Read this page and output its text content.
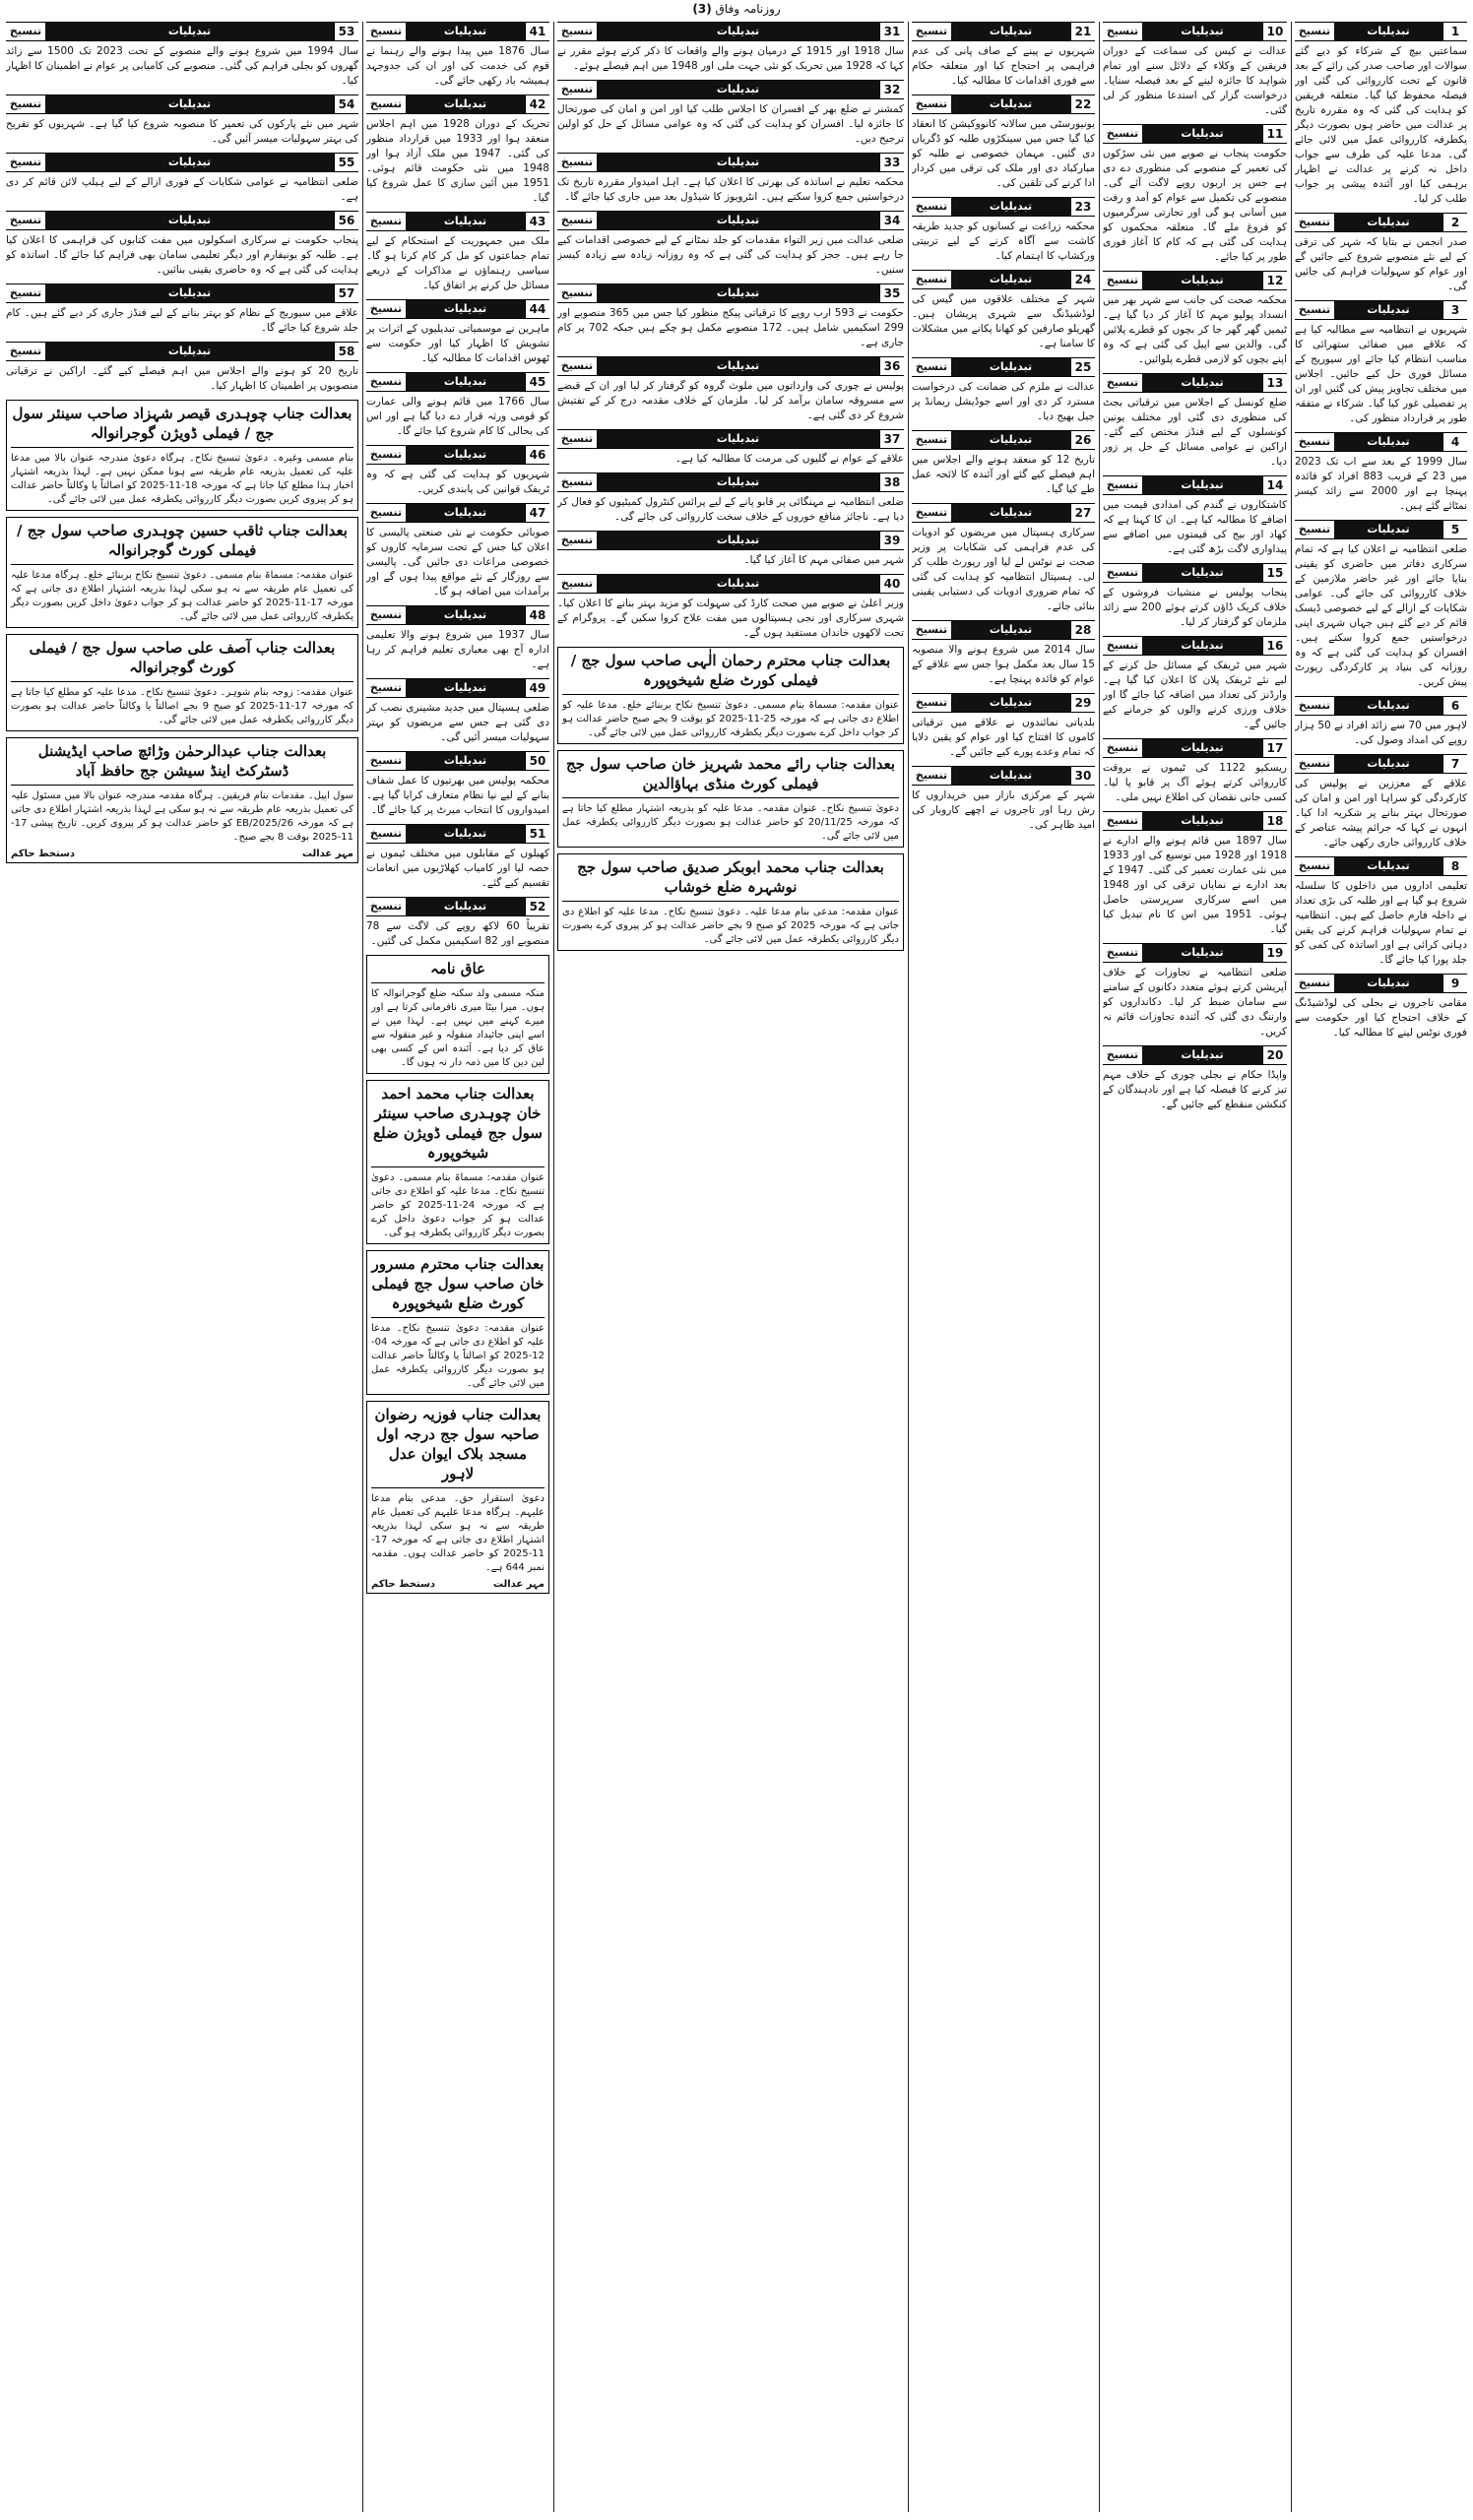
روزنامہ وفاق (3)
1
تبدیلیات
تنسیخ
سماعتیں بیچ کے شرکاء کو دیے گئے سوالات اور صاحب صدر کی رائے کے بعد قانون کے تحت کارروائی کی گئی اور فیصلہ محفوظ کیا گیا۔ متعلقہ فریقین کو ہدایت کی گئی کہ وہ مقررہ تاریخ پر عدالت میں حاضر ہوں بصورت دیگر یکطرفہ کارروائی عمل میں لائی جائے گی۔ مدعا علیہ کی طرف سے جواب داخل نہ کرنے پر عدالت نے اظہار برہمی کیا اور آئندہ پیشی پر جواب طلب کر لیا۔
2
تبدیلیات
تنسیخ
صدر انجمن نے بتایا کہ شہر کی ترقی کے لیے نئے منصوبے شروع کیے جائیں گے اور عوام کو سہولیات فراہم کی جائیں گی۔
3
تبدیلیات
تنسیخ
شہریوں نے انتظامیہ سے مطالبہ کیا ہے کہ علاقے میں صفائی ستھرائی کا مناسب انتظام کیا جائے اور سیوریج کے مسائل فوری حل کیے جائیں۔ اجلاس میں مختلف تجاویز پیش کی گئیں اور ان پر تفصیلی غور کیا گیا۔ شرکاء نے متفقہ طور پر قرارداد منظور کی۔
4
تبدیلیات
تنسیخ
سال 1999 کے بعد سے اب تک 2023 میں 23 کے قریب 883 افراد کو فائدہ پہنچا ہے اور 2000 سے زائد کیسز نمٹائے گئے ہیں۔
5
تبدیلیات
تنسیخ
ضلعی انتظامیہ نے اعلان کیا ہے کہ تمام سرکاری دفاتر میں حاضری کو یقینی بنایا جائے اور غیر حاضر ملازمین کے خلاف کارروائی کی جائے گی۔ عوامی شکایات کے ازالے کے لیے خصوصی ڈیسک قائم کر دیے گئے ہیں جہاں شہری اپنی درخواستیں جمع کروا سکتے ہیں۔ افسران کو ہدایت کی گئی ہے کہ وہ روزانہ کی بنیاد پر کارکردگی رپورٹ پیش کریں۔
6
تبدیلیات
تنسیخ
لاہور میں 70 سے زائد افراد نے 50 ہزار روپے کی امداد وصول کی۔
7
تبدیلیات
تنسیخ
علاقے کے معززین نے پولیس کی کارکردگی کو سراہا اور امن و امان کی صورتحال بہتر بنانے پر شکریہ ادا کیا۔ انہوں نے کہا کہ جرائم پیشہ عناصر کے خلاف کارروائی جاری رکھی جائے۔
8
تبدیلیات
تنسیخ
تعلیمی اداروں میں داخلوں کا سلسلہ شروع ہو گیا ہے اور طلبہ کی بڑی تعداد نے داخلہ فارم حاصل کیے ہیں۔ انتظامیہ نے تمام سہولیات فراہم کرنے کی یقین دہانی کرائی ہے اور اساتذہ کی کمی کو جلد پورا کیا جائے گا۔
9
تبدیلیات
تنسیخ
مقامی تاجروں نے بجلی کی لوڈشیڈنگ کے خلاف احتجاج کیا اور حکومت سے فوری نوٹس لینے کا مطالبہ کیا۔
10
تبدیلیات
تنسیخ
عدالت نے کیس کی سماعت کے دوران فریقین کے وکلاء کے دلائل سنے اور تمام شواہد کا جائزہ لینے کے بعد فیصلہ سنایا۔ درخواست گزار کی استدعا منظور کر لی گئی۔
11
تبدیلیات
تنسیخ
حکومت پنجاب نے صوبے میں نئی سڑکوں کی تعمیر کے منصوبے کی منظوری دے دی ہے جس پر اربوں روپے لاگت آئے گی۔ منصوبے کی تکمیل سے عوام کو آمد و رفت میں آسانی ہو گی اور تجارتی سرگرمیوں کو فروغ ملے گا۔ متعلقہ محکموں کو ہدایت کی گئی ہے کہ کام کا آغاز فوری طور پر کیا جائے۔
12
تبدیلیات
تنسیخ
محکمہ صحت کی جانب سے شہر بھر میں انسداد پولیو مہم کا آغاز کر دیا گیا ہے۔ ٹیمیں گھر گھر جا کر بچوں کو قطرے پلائیں گی۔ والدین سے اپیل کی گئی ہے کہ وہ اپنے بچوں کو لازمی قطرے پلوائیں۔
13
تبدیلیات
تنسیخ
ضلع کونسل کے اجلاس میں ترقیاتی بجٹ کی منظوری دی گئی اور مختلف یونین کونسلوں کے لیے فنڈز مختص کیے گئے۔ اراکین نے عوامی مسائل کے حل پر زور دیا۔
14
تبدیلیات
تنسیخ
کاشتکاروں نے گندم کی امدادی قیمت میں اضافے کا مطالبہ کیا ہے۔ ان کا کہنا ہے کہ کھاد اور بیج کی قیمتوں میں اضافے سے پیداواری لاگت بڑھ گئی ہے۔
15
تبدیلیات
تنسیخ
پنجاب پولیس نے منشیات فروشوں کے خلاف کریک ڈاؤن کرتے ہوئے 200 سے زائد ملزمان کو گرفتار کر لیا۔
16
تبدیلیات
تنسیخ
شہر میں ٹریفک کے مسائل حل کرنے کے لیے نئے ٹریفک پلان کا اعلان کیا گیا ہے۔ وارڈنز کی تعداد میں اضافہ کیا جائے گا اور خلاف ورزی کرنے والوں کو جرمانے کیے جائیں گے۔
17
تبدیلیات
تنسیخ
ریسکیو 1122 کی ٹیموں نے بروقت کارروائی کرتے ہوئے آگ پر قابو پا لیا۔ کسی جانی نقصان کی اطلاع نہیں ملی۔
18
تبدیلیات
تنسیخ
سال 1897 میں قائم ہونے والے ادارے نے 1918 اور 1928 میں توسیع کی اور 1933 میں نئی عمارت تعمیر کی گئی۔ 1947 کے بعد ادارے نے نمایاں ترقی کی اور 1948 میں اسے سرکاری سرپرستی حاصل ہوئی۔ 1951 میں اس کا نام تبدیل کیا گیا۔
19
تبدیلیات
تنسیخ
ضلعی انتظامیہ نے تجاوزات کے خلاف آپریشن کرتے ہوئے متعدد دکانوں کے سامنے سے سامان ضبط کر لیا۔ دکانداروں کو وارننگ دی گئی کہ آئندہ تجاوزات قائم نہ کریں۔
20
تبدیلیات
تنسیخ
واپڈا حکام نے بجلی چوری کے خلاف مہم تیز کرنے کا فیصلہ کیا ہے اور نادہندگان کے کنکشن منقطع کیے جائیں گے۔
21
تبدیلیات
تنسیخ
شہریوں نے پینے کے صاف پانی کی عدم فراہمی پر احتجاج کیا اور متعلقہ حکام سے فوری اقدامات کا مطالبہ کیا۔
22
تبدیلیات
تنسیخ
یونیورسٹی میں سالانہ کانووکیشن کا انعقاد کیا گیا جس میں سینکڑوں طلبہ کو ڈگریاں دی گئیں۔ مہمان خصوصی نے طلبہ کو مبارکباد دی اور ملک کی ترقی میں کردار ادا کرنے کی تلقین کی۔
23
تبدیلیات
تنسیخ
محکمہ زراعت نے کسانوں کو جدید طریقہ کاشت سے آگاہ کرنے کے لیے تربیتی ورکشاپ کا اہتمام کیا۔
24
تبدیلیات
تنسیخ
شہر کے مختلف علاقوں میں گیس کی لوڈشیڈنگ سے شہری پریشان ہیں۔ گھریلو صارفین کو کھانا پکانے میں مشکلات کا سامنا ہے۔
25
تبدیلیات
تنسیخ
عدالت نے ملزم کی ضمانت کی درخواست مسترد کر دی اور اسے جوڈیشل ریمانڈ پر جیل بھیج دیا۔
26
تبدیلیات
تنسیخ
تاریخ 12 کو منعقد ہونے والے اجلاس میں اہم فیصلے کیے گئے اور آئندہ کا لائحہ عمل طے کیا گیا۔
27
تبدیلیات
تنسیخ
سرکاری ہسپتال میں مریضوں کو ادویات کی عدم فراہمی کی شکایات پر وزیر صحت نے نوٹس لے لیا اور رپورٹ طلب کر لی۔ ہسپتال انتظامیہ کو ہدایت کی گئی کہ تمام ضروری ادویات کی دستیابی یقینی بنائی جائے۔
28
تبدیلیات
تنسیخ
سال 2014 میں شروع ہونے والا منصوبہ 15 سال بعد مکمل ہوا جس سے علاقے کے عوام کو فائدہ پہنچا ہے۔
29
تبدیلیات
تنسیخ
بلدیاتی نمائندوں نے علاقے میں ترقیاتی کاموں کا افتتاح کیا اور عوام کو یقین دلایا کہ تمام وعدے پورے کیے جائیں گے۔
30
تبدیلیات
تنسیخ
شہر کے مرکزی بازار میں خریداروں کا رش رہا اور تاجروں نے اچھے کاروبار کی امید ظاہر کی۔
31
تبدیلیات
تنسیخ
سال 1918 اور 1915 کے درمیان ہونے والے واقعات کا ذکر کرتے ہوئے مقرر نے کہا کہ 1928 میں تحریک کو نئی جہت ملی اور 1948 میں اہم فیصلے ہوئے۔
32
تبدیلیات
تنسیخ
کمشنر نے ضلع بھر کے افسران کا اجلاس طلب کیا اور امن و امان کی صورتحال کا جائزہ لیا۔ افسران کو ہدایت کی گئی کہ وہ عوامی مسائل کے حل کو اولین ترجیح دیں۔
33
تبدیلیات
تنسیخ
محکمہ تعلیم نے اساتذہ کی بھرتی کا اعلان کیا ہے۔ اہل امیدوار مقررہ تاریخ تک درخواستیں جمع کروا سکتے ہیں۔ انٹرویوز کا شیڈول بعد میں جاری کیا جائے گا۔
34
تبدیلیات
تنسیخ
ضلعی عدالت میں زیر التواء مقدمات کو جلد نمٹانے کے لیے خصوصی اقدامات کیے جا رہے ہیں۔ ججز کو ہدایت کی گئی ہے کہ وہ روزانہ زیادہ سے زیادہ کیسز سنیں۔
35
تبدیلیات
تنسیخ
حکومت نے 593 ارب روپے کا ترقیاتی پیکج منظور کیا جس میں 365 منصوبے اور 299 اسکیمیں شامل ہیں۔ 172 منصوبے مکمل ہو چکے ہیں جبکہ 702 پر کام جاری ہے۔
36
تبدیلیات
تنسیخ
پولیس نے چوری کی وارداتوں میں ملوث گروہ کو گرفتار کر لیا اور ان کے قبضے سے مسروقہ سامان برآمد کر لیا۔ ملزمان کے خلاف مقدمہ درج کر کے تفتیش شروع کر دی گئی ہے۔
37
تبدیلیات
تنسیخ
علاقے کے عوام نے گلیوں کی مرمت کا مطالبہ کیا ہے۔
38
تبدیلیات
تنسیخ
ضلعی انتظامیہ نے مہنگائی پر قابو پانے کے لیے پرائس کنٹرول کمیٹیوں کو فعال کر دیا ہے۔ ناجائز منافع خوروں کے خلاف سخت کارروائی کی جائے گی۔
39
تبدیلیات
تنسیخ
شہر میں صفائی مہم کا آغاز کیا گیا۔
40
تبدیلیات
تنسیخ
وزیر اعلیٰ نے صوبے میں صحت کارڈ کی سہولت کو مزید بہتر بنانے کا اعلان کیا۔ شہری سرکاری اور نجی ہسپتالوں میں مفت علاج کروا سکیں گے۔ پروگرام کے تحت لاکھوں خاندان مستفید ہوں گے۔
بعدالت جناب محترم رحمان الٰہی صاحب سول جج / فیملی کورٹ ضلع شیخوپورہ
عنوان مقدمہ: مسماۃ بنام مسمی۔ دعویٰ تنسیخ نکاح بربنائے خلع۔ مدعا علیہ کو اطلاع دی جاتی ہے کہ مورخہ 25-11-2025 کو بوقت 9 بجے صبح حاضر عدالت ہو کر جواب داخل کرے بصورت دیگر یکطرفہ کارروائی عمل میں لائی جائے گی۔
بعدالت جناب رائے محمد شہریز خان صاحب سول جج فیملی کورٹ منڈی بہاؤالدین
دعویٰ تنسیخ نکاح۔ عنوان مقدمہ۔ مدعا علیہ کو بذریعہ اشتہار مطلع کیا جاتا ہے کہ مورخہ 20/11/25 کو حاضر عدالت ہو بصورت دیگر کارروائی یکطرفہ عمل میں لائی جائے گی۔
بعدالت جناب محمد ابوبکر صدیق صاحب سول جج نوشہرہ ضلع خوشاب
عنوان مقدمہ: مدعی بنام مدعا علیہ۔ دعویٰ تنسیخ نکاح۔ مدعا علیہ کو اطلاع دی جاتی ہے کہ مورخہ 2025 کو صبح 9 بجے حاضر عدالت ہو کر پیروی کرے بصورت دیگر کارروائی یکطرفہ عمل میں لائی جائے گی۔
41
تبدیلیات
تنسیخ
سال 1876 میں پیدا ہونے والے رہنما نے قوم کی خدمت کی اور ان کی جدوجہد ہمیشہ یاد رکھی جائے گی۔
42
تبدیلیات
تنسیخ
تحریک کے دوران 1928 میں اہم اجلاس منعقد ہوا اور 1933 میں قرارداد منظور کی گئی۔ 1947 میں ملک آزاد ہوا اور 1948 میں نئی حکومت قائم ہوئی۔ 1951 میں آئین سازی کا عمل شروع کیا گیا۔
43
تبدیلیات
تنسیخ
ملک میں جمہوریت کے استحکام کے لیے تمام جماعتوں کو مل کر کام کرنا ہو گا۔ سیاسی رہنماؤں نے مذاکرات کے ذریعے مسائل حل کرنے پر اتفاق کیا۔
44
تبدیلیات
تنسیخ
ماہرین نے موسمیاتی تبدیلیوں کے اثرات پر تشویش کا اظہار کیا اور حکومت سے ٹھوس اقدامات کا مطالبہ کیا۔
45
تبدیلیات
تنسیخ
سال 1766 میں قائم ہونے والی عمارت کو قومی ورثہ قرار دے دیا گیا ہے اور اس کی بحالی کا کام شروع کیا جائے گا۔
46
تبدیلیات
تنسیخ
شہریوں کو ہدایت کی گئی ہے کہ وہ ٹریفک قوانین کی پابندی کریں۔
47
تبدیلیات
تنسیخ
صوبائی حکومت نے نئی صنعتی پالیسی کا اعلان کیا جس کے تحت سرمایہ کاروں کو خصوصی مراعات دی جائیں گی۔ پالیسی سے روزگار کے نئے مواقع پیدا ہوں گے اور برآمدات میں اضافہ ہو گا۔
48
تبدیلیات
تنسیخ
سال 1937 میں شروع ہونے والا تعلیمی ادارہ آج بھی معیاری تعلیم فراہم کر رہا ہے۔
49
تبدیلیات
تنسیخ
ضلعی ہسپتال میں جدید مشینری نصب کر دی گئی ہے جس سے مریضوں کو بہتر سہولیات میسر آئیں گی۔
50
تبدیلیات
تنسیخ
محکمہ پولیس میں بھرتیوں کا عمل شفاف بنانے کے لیے نیا نظام متعارف کرایا گیا ہے۔ امیدواروں کا انتخاب میرٹ پر کیا جائے گا۔
51
تبدیلیات
تنسیخ
کھیلوں کے مقابلوں میں مختلف ٹیموں نے حصہ لیا اور کامیاب کھلاڑیوں میں انعامات تقسیم کیے گئے۔
52
تبدیلیات
تنسیخ
تقریباً 60 لاکھ روپے کی لاگت سے 78 منصوبے اور 82 اسکیمیں مکمل کی گئیں۔
عاق نامہ
منکہ مسمی ولد سکنہ ضلع گوجرانوالہ کا ہوں۔ میرا بیٹا میری نافرمانی کرتا ہے اور میرے کہنے میں نہیں ہے۔ لہذا میں نے اسے اپنی جائیداد منقولہ و غیر منقولہ سے عاق کر دیا ہے۔ آئندہ اس کے کسی بھی لین دین کا میں ذمہ دار نہ ہوں گا۔
بعدالت جناب محمد احمد خان چوہدری صاحب سینئر سول جج فیملی ڈویژن ضلع شیخوپورہ
عنوان مقدمہ: مسماۃ بنام مسمی۔ دعویٰ تنسیخ نکاح۔ مدعا علیہ کو اطلاع دی جاتی ہے کہ مورخہ 24-11-2025 کو حاضر عدالت ہو کر جواب دعویٰ داخل کرے بصورت دیگر کارروائی یکطرفہ ہو گی۔
بعدالت جناب محترم مسرور خان صاحب سول جج فیملی کورٹ ضلع شیخوپورہ
عنوان مقدمہ: دعویٰ تنسیخ نکاح۔ مدعا علیہ کو اطلاع دی جاتی ہے کہ مورخہ 04-12-2025 کو اصالتاً یا وکالتاً حاضر عدالت ہو بصورت دیگر کارروائی یکطرفہ عمل میں لائی جائے گی۔
بعدالت جناب فوزیہ رضوان صاحبہ سول جج درجہ اول مسجد بلاک ایوان عدل لاہور
دعویٰ استقرار حق۔ مدعی بنام مدعا علیہم۔ ہرگاہ مدعا علیہم کی تعمیل عام طریقہ سے نہ ہو سکی لہذا بذریعہ اشتہار اطلاع دی جاتی ہے کہ مورخہ 17-11-2025 کو حاضر عدالت ہوں۔ مقدمہ نمبر 644 ہے۔
مہر عدالت
دستخط حاکم
53
تبدیلیات
تنسیخ
سال 1994 میں شروع ہونے والے منصوبے کے تحت 2023 تک 1500 سے زائد گھروں کو بجلی فراہم کی گئی۔ منصوبے کی کامیابی پر عوام نے اطمینان کا اظہار کیا۔
54
تبدیلیات
تنسیخ
شہر میں نئے پارکوں کی تعمیر کا منصوبہ شروع کیا گیا ہے۔ شہریوں کو تفریح کی بہتر سہولیات میسر آئیں گی۔
55
تبدیلیات
تنسیخ
ضلعی انتظامیہ نے عوامی شکایات کے فوری ازالے کے لیے ہیلپ لائن قائم کر دی ہے۔
56
تبدیلیات
تنسیخ
پنجاب حکومت نے سرکاری اسکولوں میں مفت کتابوں کی فراہمی کا اعلان کیا ہے۔ طلبہ کو یونیفارم اور دیگر تعلیمی سامان بھی فراہم کیا جائے گا۔ اساتذہ کو ہدایت کی گئی ہے کہ وہ حاضری یقینی بنائیں۔
57
تبدیلیات
تنسیخ
علاقے میں سیوریج کے نظام کو بہتر بنانے کے لیے فنڈز جاری کر دیے گئے ہیں۔ کام جلد شروع کیا جائے گا۔
58
تبدیلیات
تنسیخ
تاریخ 20 کو ہونے والے اجلاس میں اہم فیصلے کیے گئے۔ اراکین نے ترقیاتی منصوبوں پر اطمینان کا اظہار کیا۔
بعدالت جناب چوہدری قیصر شہزاد صاحب سینئر سول جج / فیملی ڈویژن گوجرانوالہ
بنام مسمی وغیرہ۔ دعویٰ تنسیخ نکاح۔ ہرگاہ دعویٰ مندرجہ عنوان بالا میں مدعا علیہ کی تعمیل بذریعہ عام طریقہ سے ہونا ممکن نہیں ہے۔ لہذا بذریعہ اشتہار اخبار ہذا مطلع کیا جاتا ہے کہ مورخہ 18-11-2025 کو اصالتاً یا وکالتاً حاضر عدالت ہو کر پیروی کریں بصورت دیگر کارروائی یکطرفہ عمل میں لائی جائے گی۔
بعدالت جناب ثاقب حسین چوہدری صاحب سول جج / فیملی کورٹ گوجرانوالہ
عنوان مقدمہ: مسماۃ بنام مسمی۔ دعویٰ تنسیخ نکاح بربنائے خلع۔ ہرگاہ مدعا علیہ کی تعمیل عام طریقہ سے نہ ہو سکی لہذا بذریعہ اشتہار اطلاع دی جاتی ہے کہ مورخہ 17-11-2025 کو حاضر عدالت ہو کر جواب دعویٰ داخل کریں بصورت دیگر یکطرفہ کارروائی عمل میں لائی جائے گی۔
بعدالت جناب آصف علی صاحب سول جج / فیملی کورٹ گوجرانوالہ
عنوان مقدمہ: زوجہ بنام شوہر۔ دعویٰ تنسیخ نکاح۔ مدعا علیہ کو مطلع کیا جاتا ہے کہ مورخہ 17-11-2025 کو صبح 9 بجے اصالتاً یا وکالتاً حاضر عدالت ہو بصورت دیگر کارروائی یکطرفہ عمل میں لائی جائے گی۔
بعدالت جناب عبدالرحمٰن وڑائچ صاحب ایڈیشنل ڈسٹرکٹ اینڈ سیشن جج حافظ آباد
سول اپیل۔ مقدمات بنام فریقین۔ ہرگاہ مقدمہ مندرجہ عنوان بالا میں مسئول علیہ کی تعمیل بذریعہ عام طریقہ سے نہ ہو سکی ہے لہذا بذریعہ اشتہار اطلاع دی جاتی ہے کہ مورخہ 26/EB/2025 کو حاضر عدالت ہو کر پیروی کریں۔ تاریخ پیشی 17-11-2025 بوقت 8 بجے صبح۔
مہر عدالت
دستخط حاکم
